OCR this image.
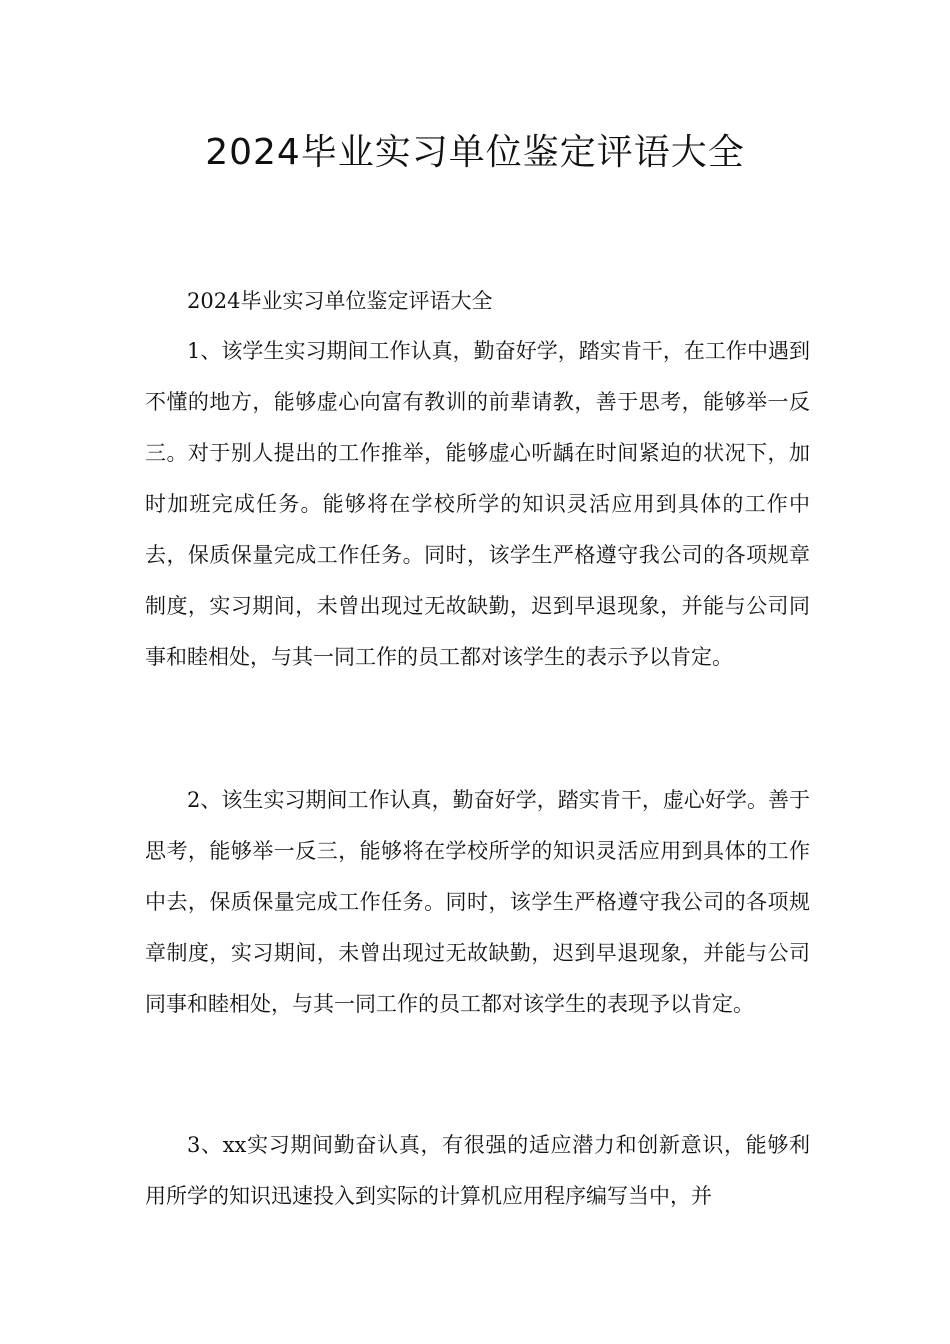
2024毕业实习单位鉴定评语大全

2024毕业实习单位鉴定评语大全

1、该学生实习期间工作认真，勤奋好学，踏实肯干，在工作中遇到不懂的地方，能够虚心向富有教训的前辈请教，善于思考，能够举一反三。对于别人提出的工作推举，能够虚心听龋在时间紧迫的状况下，加时加班完成任务。能够将在学校所学的知识灵活应用到具体的工作中去，保质保量完成工作任务。同时，该学生严格遵守我公司的各项规章制度，实习期间，未曾出现过无故缺勤，迟到早退现象，并能与公司同事和睦相处，与其一同工作的员工都对该学生的表示予以肯定。

2、该生实习期间工作认真，勤奋好学，踏实肯干，虚心好学。善于思考，能够举一反三，能够将在学校所学的知识灵活应用到具体的工作中去，保质保量完成工作任务。同时，该学生严格遵守我公司的各项规章制度，实习期间，未曾出现过无故缺勤，迟到早退现象，并能与公司同事和睦相处，与其一同工作的员工都对该学生的表现予以肯定。

3、xx实习期间勤奋认真，有很强的适应潜力和创新意识，能够利用所学的知识迅速投入到实际的计算机应用程序编写当中，并
